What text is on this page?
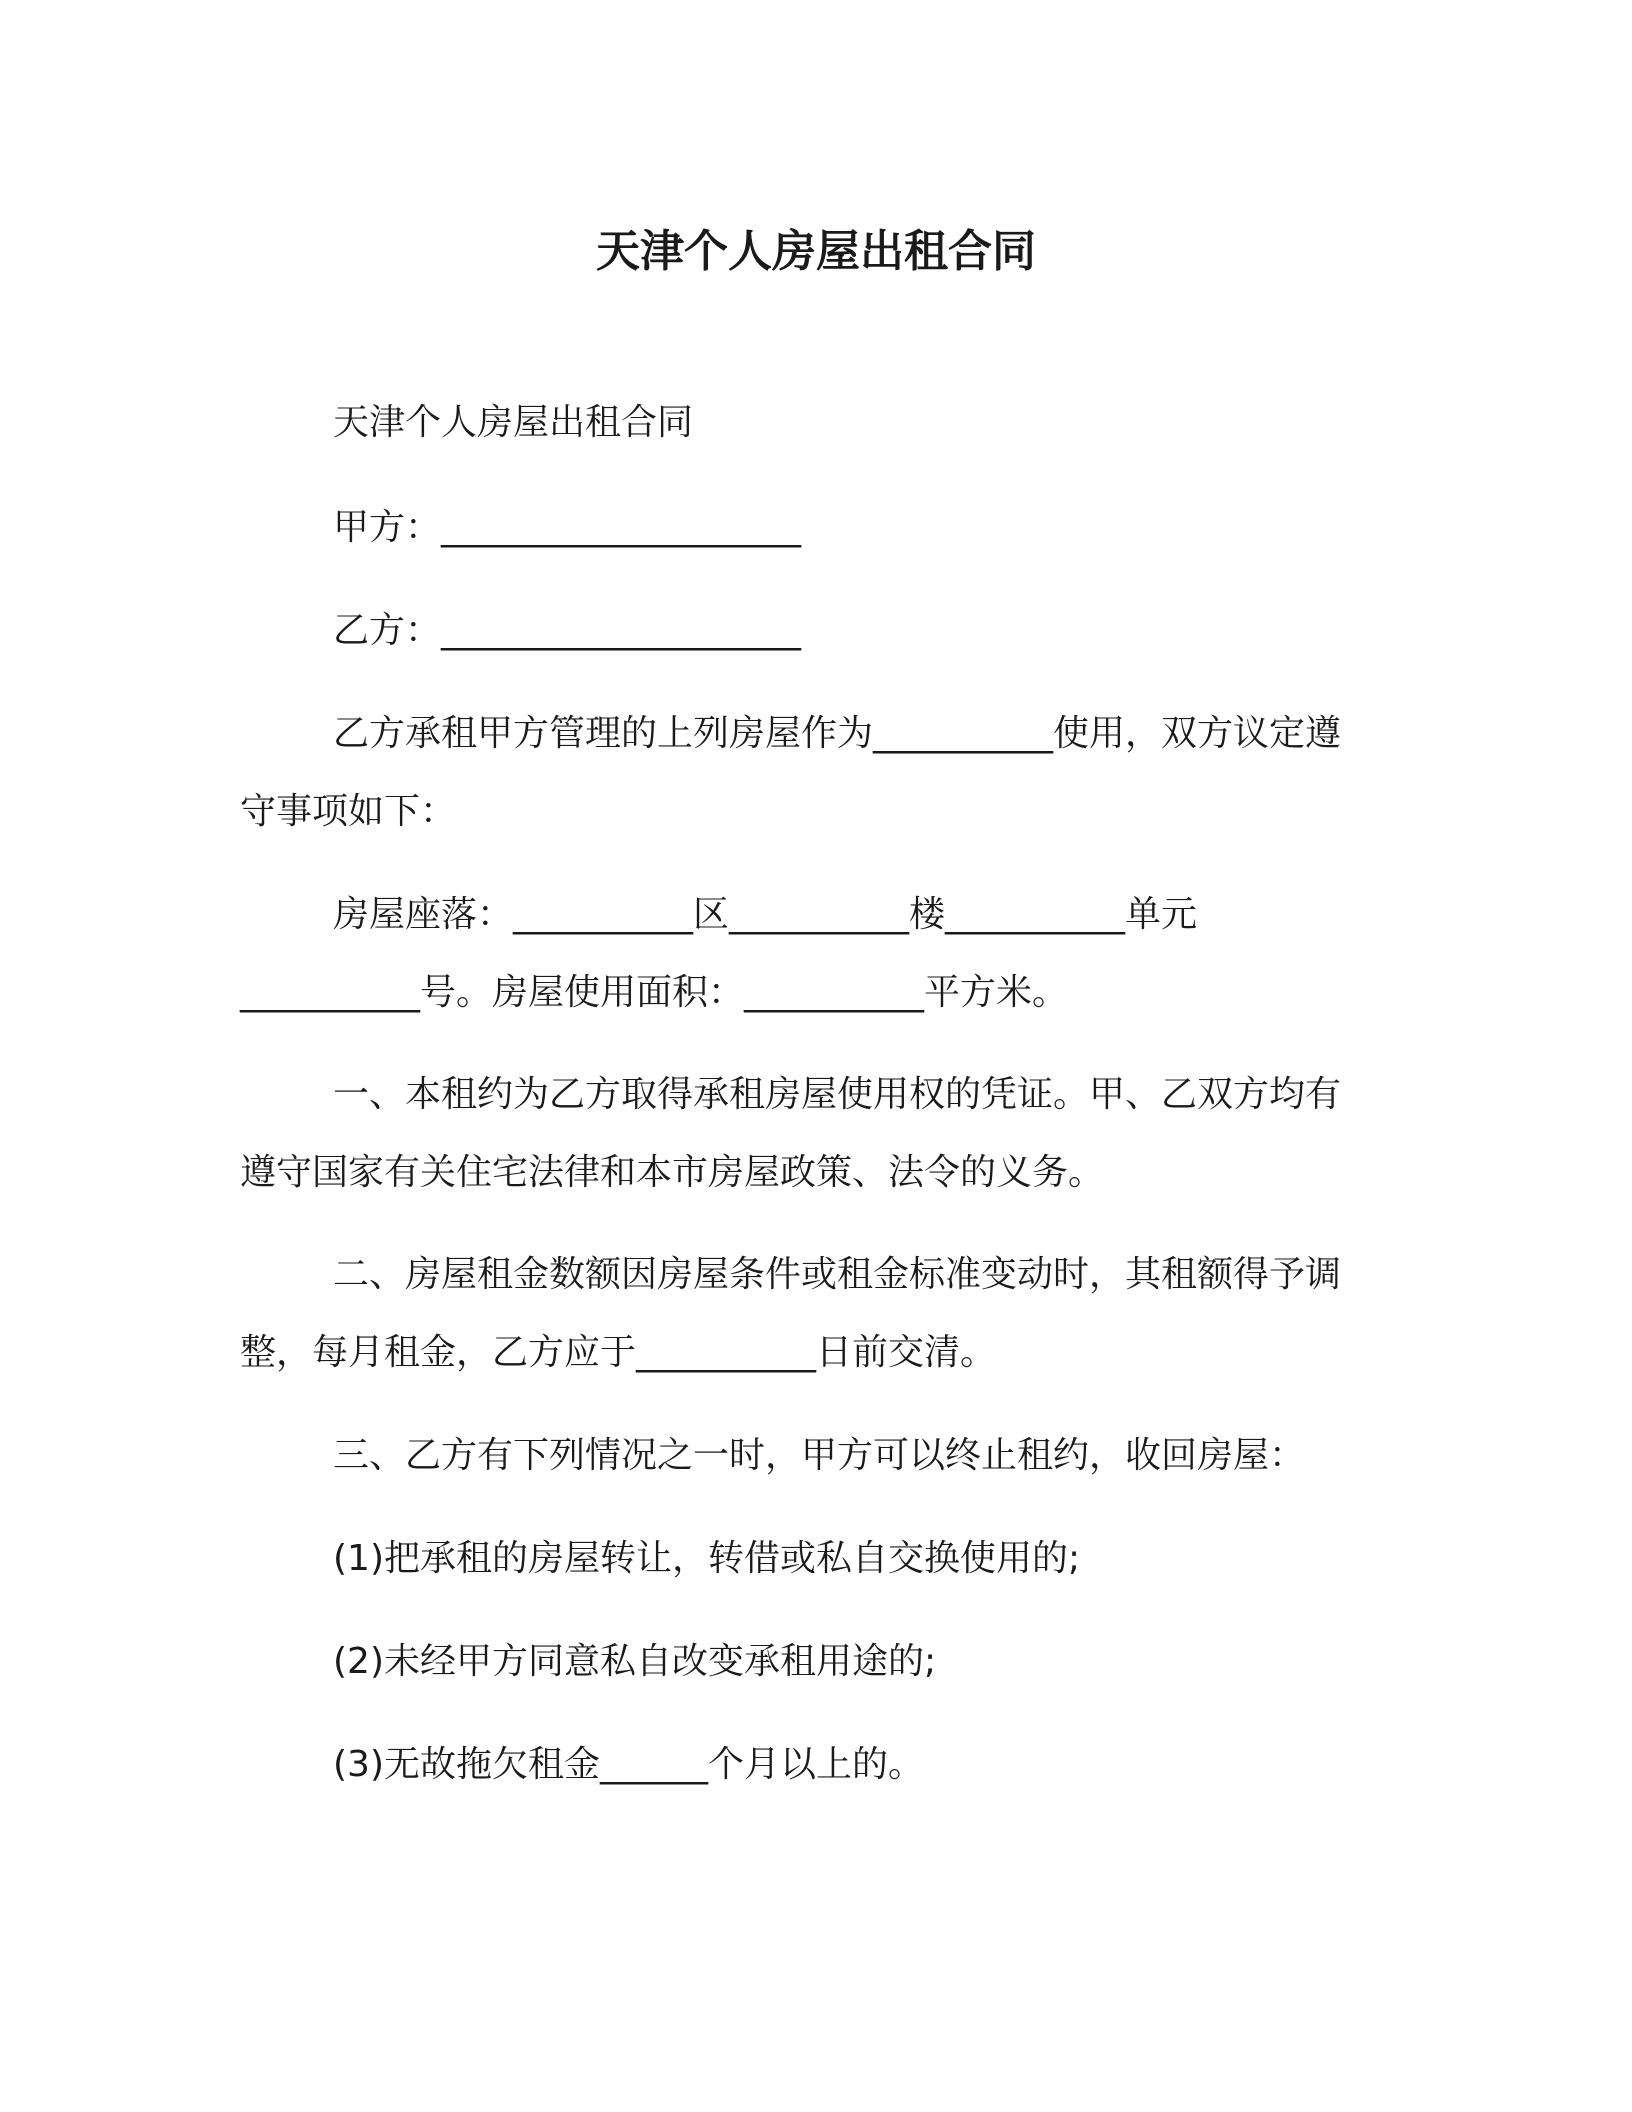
天津个人房屋出租合同
天津个人房屋出租合同
甲方：____________________
乙方：____________________
乙方承租甲方管理的上列房屋作为__________使用，双方议定遵
守事项如下：
房屋座落：__________区__________楼__________单元
__________号。房屋使用面积：__________平方米。
一、本租约为乙方取得承租房屋使用权的凭证。甲、乙双方均有
遵守国家有关住宅法律和本市房屋政策、法令的义务。
二、房屋租金数额因房屋条件或租金标准变动时，其租额得予调
整，每月租金，乙方应于__________日前交清。
三、乙方有下列情况之一时，甲方可以终止租约，收回房屋：
(1)把承租的房屋转让，转借或私自交换使用的;
(2)未经甲方同意私自改变承租用途的;
(3)无故拖欠租金______个月以上的。
